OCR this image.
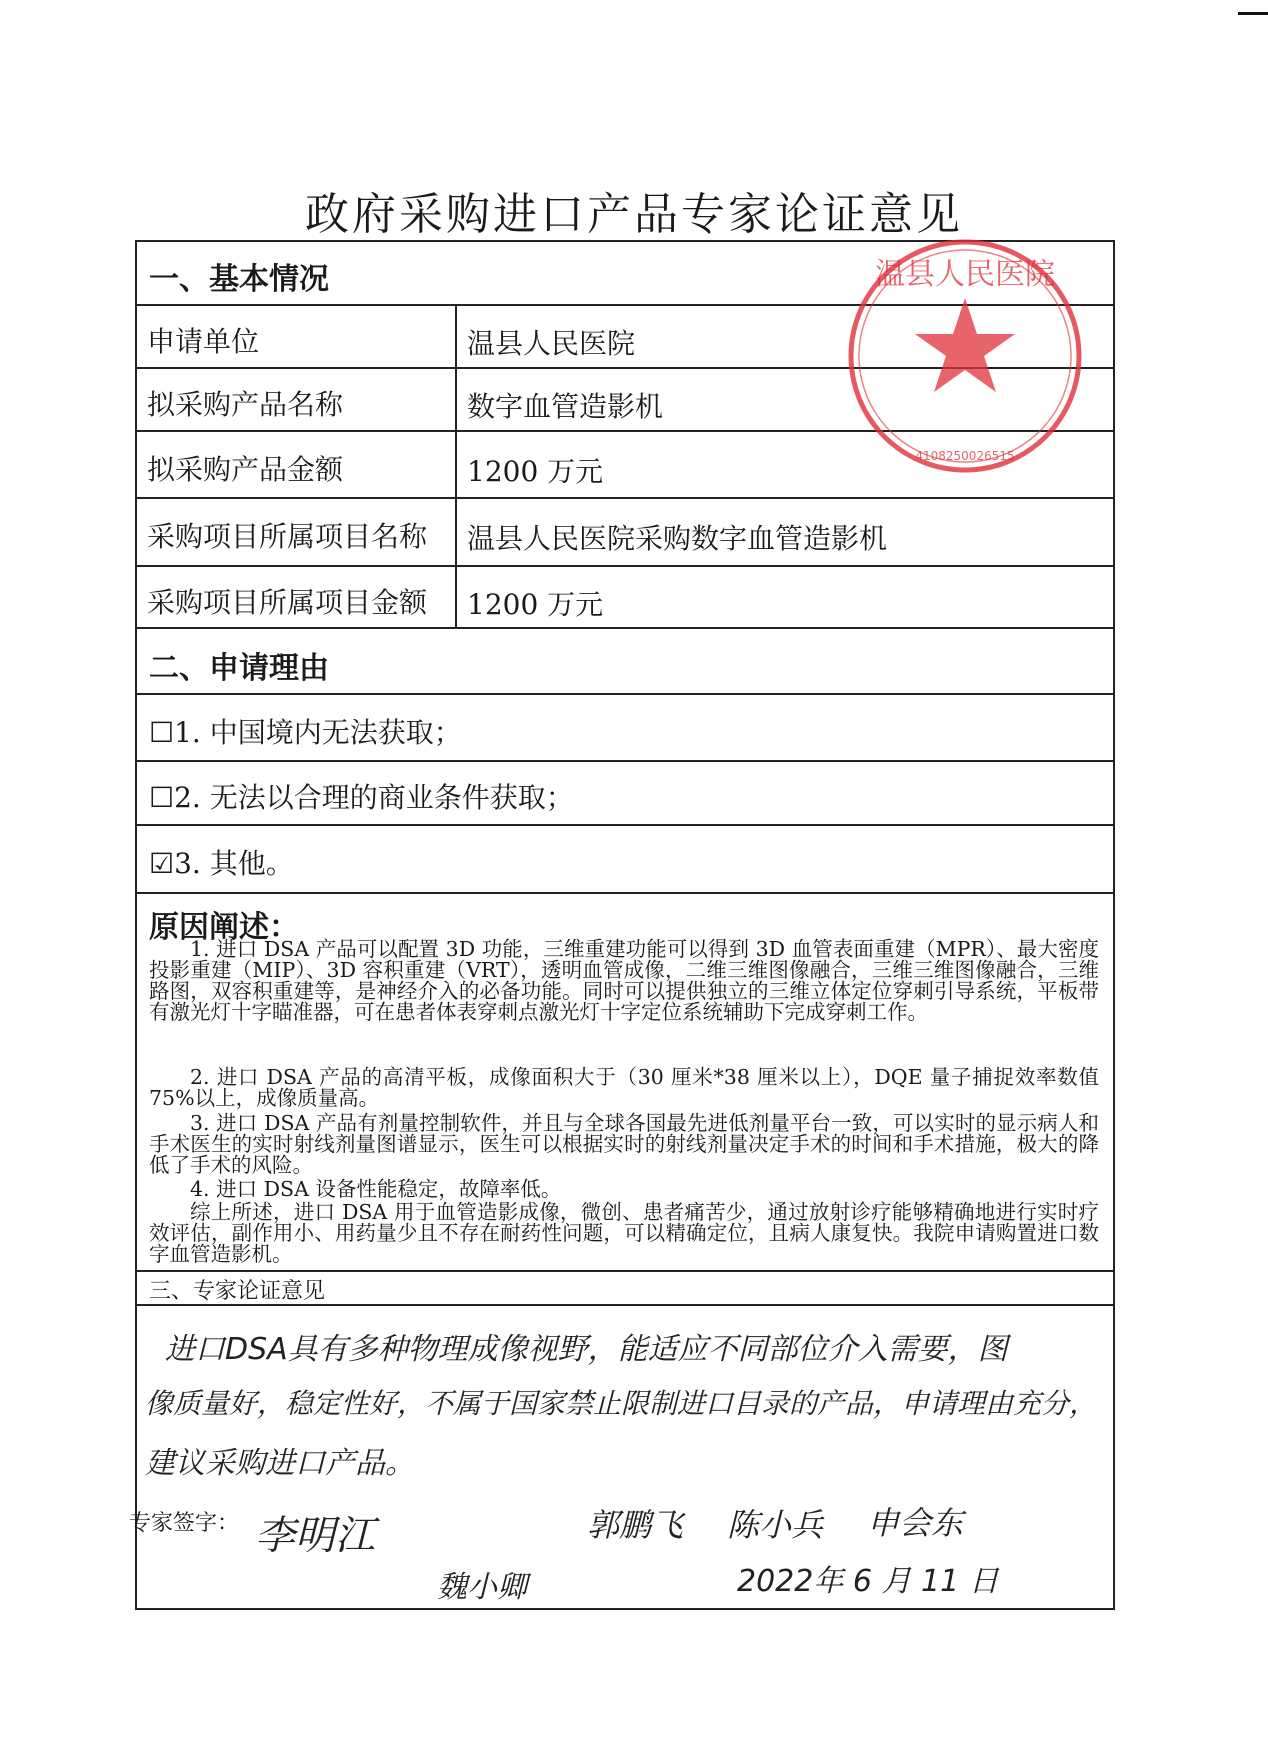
政府采购进口产品专家论证意见
一、基本情况
申请单位	温县人民医院
拟采购产品名称	数字血管造影机
拟采购产品金额	1200 万元
采购项目所属项目名称 温县人民医院采购数字血管造影机
采购项目所属项目金额 1200 万元
二、申请理由
☐1. 中国境内无法获取；
☐2. 无法以合理的商业条件获取；
☑3. 其他。
原因阐述：

1. 进口 DSA 产品可以配置 3D 功能，三维重建功能可以得到 3D 血管表面重建（MPR）、最大密度投影重建（MIP）、3D 容积重建（VRT），透明血管成像，二维三维图像融合，三维三维图像融合，三维路图，双容积重建等，是神经介入的必备功能。同时可以提供独立的三维立体定位穿刺引导系统，平板带有激光灯十字瞄准器，可在患者体表穿刺点激光灯十字定位系统辅助下完成穿刺工作。

2. 进口 DSA 产品的高清平板，成像面积大于（30 厘米*38 厘米以上），DQE 量子捕捉效率数值 75%以上，成像质量高。

3. 进口 DSA 产品有剂量控制软件，并且与全球各国最先进低剂量平台一致，可以实时的显示病人和手术医生的实时射线剂量图谱显示，医生可以根据实时的射线剂量决定手术的时间和手术措施，极大的降低了手术的风险。

4. 进口 DSA 设备性能稳定，故障率低。

综上所述，进口 DSA 用于血管造影成像，微创、患者痛苦少，通过放射诊疗能够精确地进行实时疗效评估，副作用小、用药量少且不存在耐药性问题，可以精确定位，且病人康复快。我院申请购置进口数字血管造影机。

三、专家论证意见
进口DSA具有多种物理成像视野，能适应不同部位介入需要，图
像质量好，稳定性好，不属于国家禁止限制进口目录的产品，申请理由充分，
建议采购进口产品。
专家签字： 李明江
魏小卿
郭鹏飞 陈小兵 申会东
2022年 6 月 11 日
温县人民医院
4108250026515
